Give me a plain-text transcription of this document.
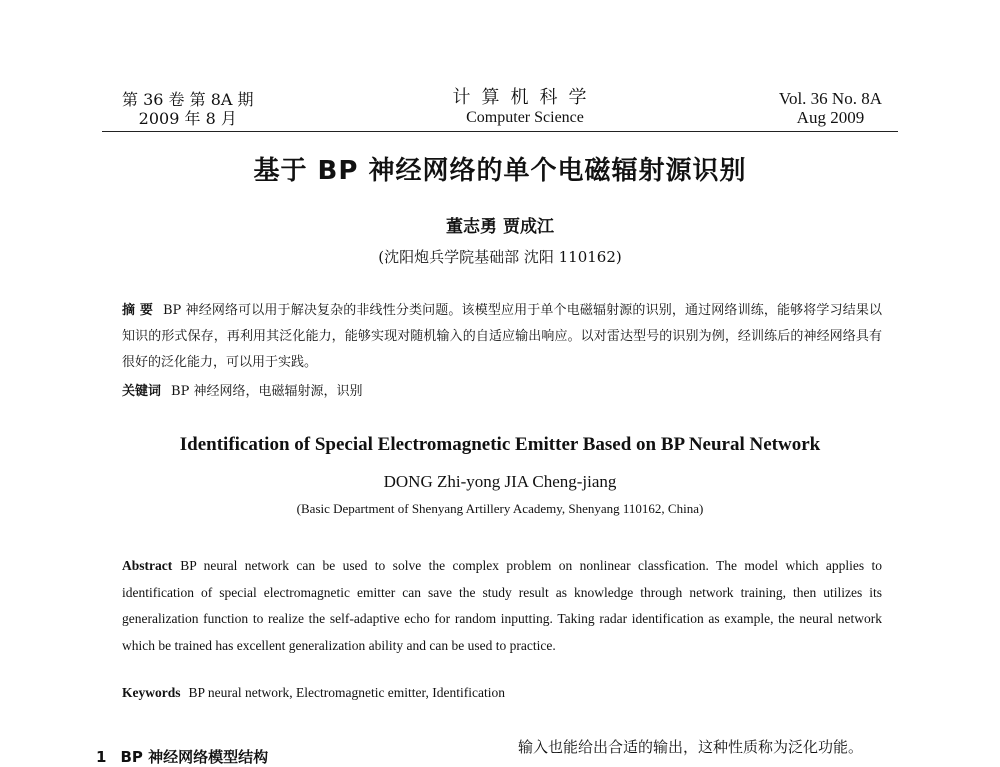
第 36 卷 第 8A 期
2009 年 8 月
计算机科学
Computer Science
Vol. 36 No. 8A
Aug 2009
基于 BP 神经网络的单个电磁辐射源识别
董志勇 贾成江
(沈阳炮兵学院基础部 沈阳 110162)
摘 要 BP 神经网络可以用于解决复杂的非线性分类问题。该模型应用于单个电磁辐射源的识别，通过网络训练，能够将学习结果以知识的形式保存，再利用其泛化能力，能够实现对随机输入的自适应输出响应。以对雷达型号的识别为例，经训练后的神经网络具有很好的泛化能力，可以用于实践。
关键词 BP 神经网络，电磁辐射源，识别
Identification of Special Electromagnetic Emitter Based on BP Neural Network
DONG Zhi-yong JIA Cheng-jiang
(Basic Department of Shenyang Artillery Academy, Shenyang 110162, China)
Abstract BP neural network can be used to solve the complex problem on nonlinear classfication. The model which applies to identification of special electromagnetic emitter can save the study result as knowledge through network training, then utilizes its generalization function to realize the self-adaptive echo for random inputting. Taking radar identification as example, the neural network which be trained has excellent generalization ability and can be used to practice.
Keywords BP neural network, Electromagnetic emitter, Identification
1 BP 神经网络模型结构
输入也能给出合适的输出，这种性质称为泛化功能。
